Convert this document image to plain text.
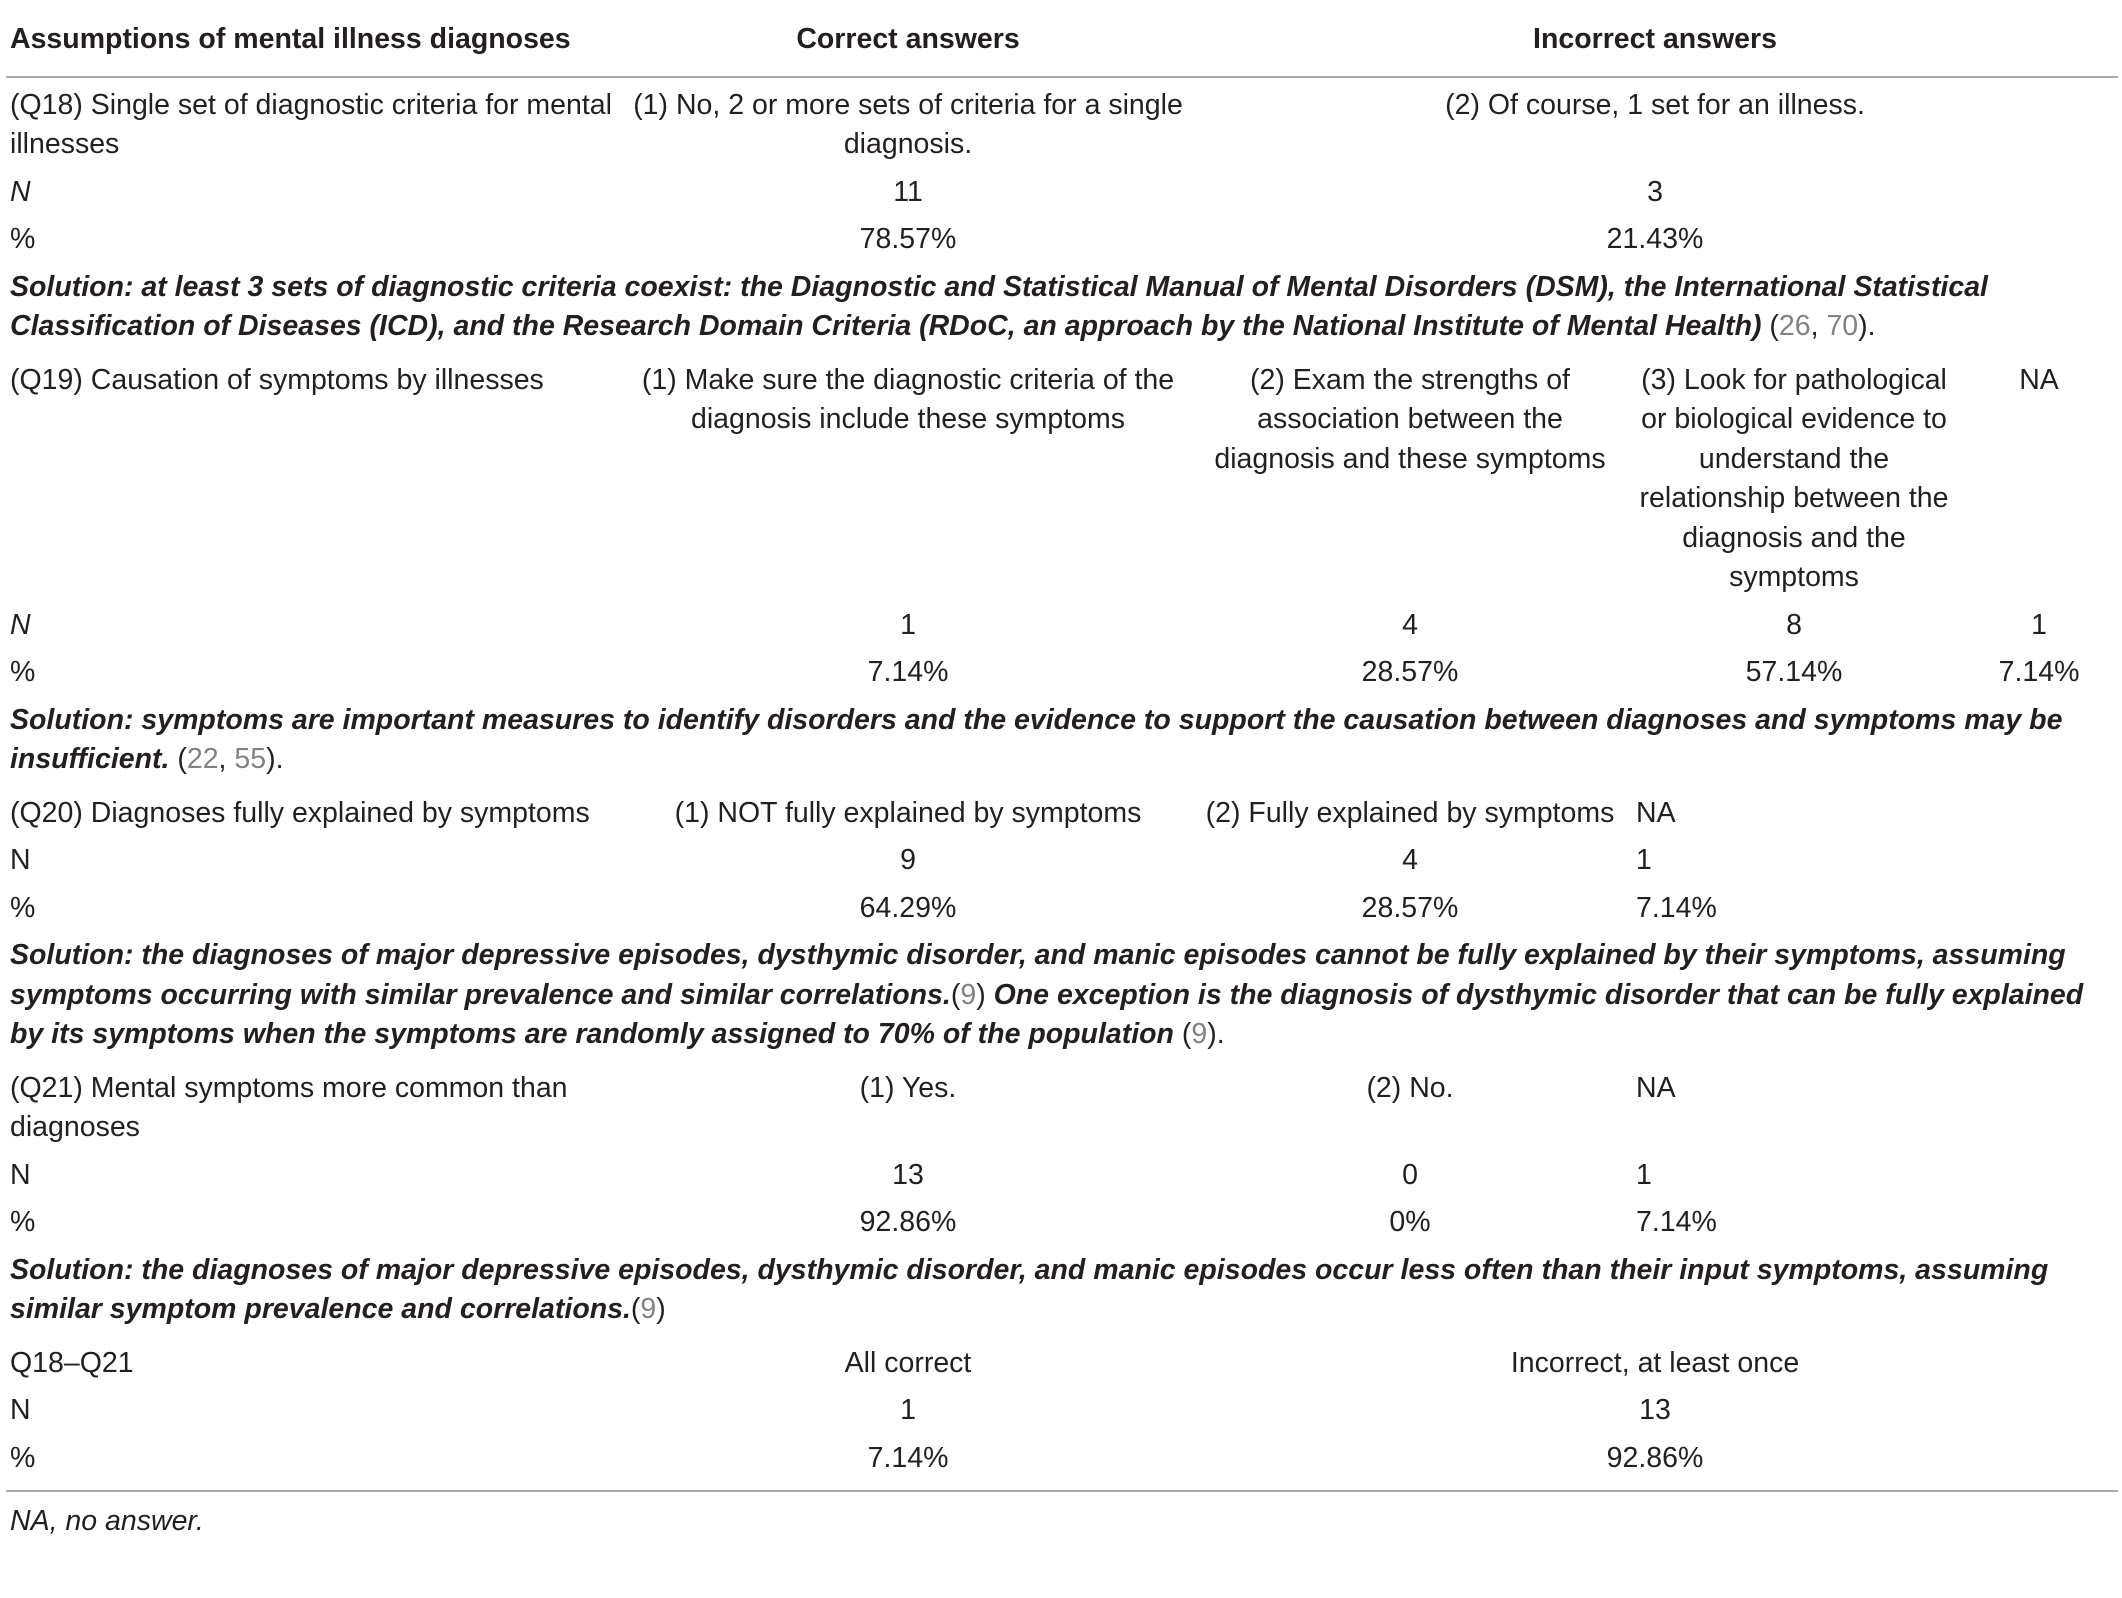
Assumptions of mental illness diagnoses	Correct answers	Incorrect answers		
(Q18) Single set of diagnostic criteria for mental illnesses	(1) No, 2 or more sets of criteria for a single diagnosis.	(2) Of course, 1 set for an illness.		
N	11	3		
%	78.57%	21.43%		
Solution: at least 3 sets of diagnostic criteria coexist: the Diagnostic and Statistical Manual of Mental Disorders (DSM), the International Statistical Classification of Diseases (ICD), and the Research Domain Criteria (RDoC, an approach by the National Institute of Mental Health) (26, 70).				
(Q19) Causation of symptoms by illnesses	(1) Make sure the diagnostic criteria of the diagnosis include these symptoms	(2) Exam the strengths of association between the diagnosis and these symptoms	(3) Look for pathological or biological evidence to understand the relationship between the diagnosis and the symptoms	NA
N	1	4	8	1
%	7.14%	28.57%	57.14%	7.14%
Solution: symptoms are important measures to identify disorders and the evidence to support the causation between diagnoses and symptoms may be insufficient. (22, 55).				
(Q20) Diagnoses fully explained by symptoms	(1) NOT fully explained by symptoms	(2) Fully explained by symptoms	NA	
N	9	4	1	
%	64.29%	28.57%	7.14%	
Solution: the diagnoses of major depressive episodes, dysthymic disorder, and manic episodes cannot be fully explained by their symptoms, assuming symptoms occurring with similar prevalence and similar correlations.(9) One exception is the diagnosis of dysthymic disorder that can be fully explained by its symptoms when the symptoms are randomly assigned to 70% of the population (9).				
(Q21) Mental symptoms more common than diagnoses	(1) Yes.	(2) No.	NA	
N	13	0	1	
%	92.86%	0%	7.14%	
Solution: the diagnoses of major depressive episodes, dysthymic disorder, and manic episodes occur less often than their input symptoms, assuming similar symptom prevalence and correlations.(9)				
Q18–Q21	All correct	Incorrect, at least once		
N	1	13		
%	7.14%	92.86%		
NA, no answer.				
